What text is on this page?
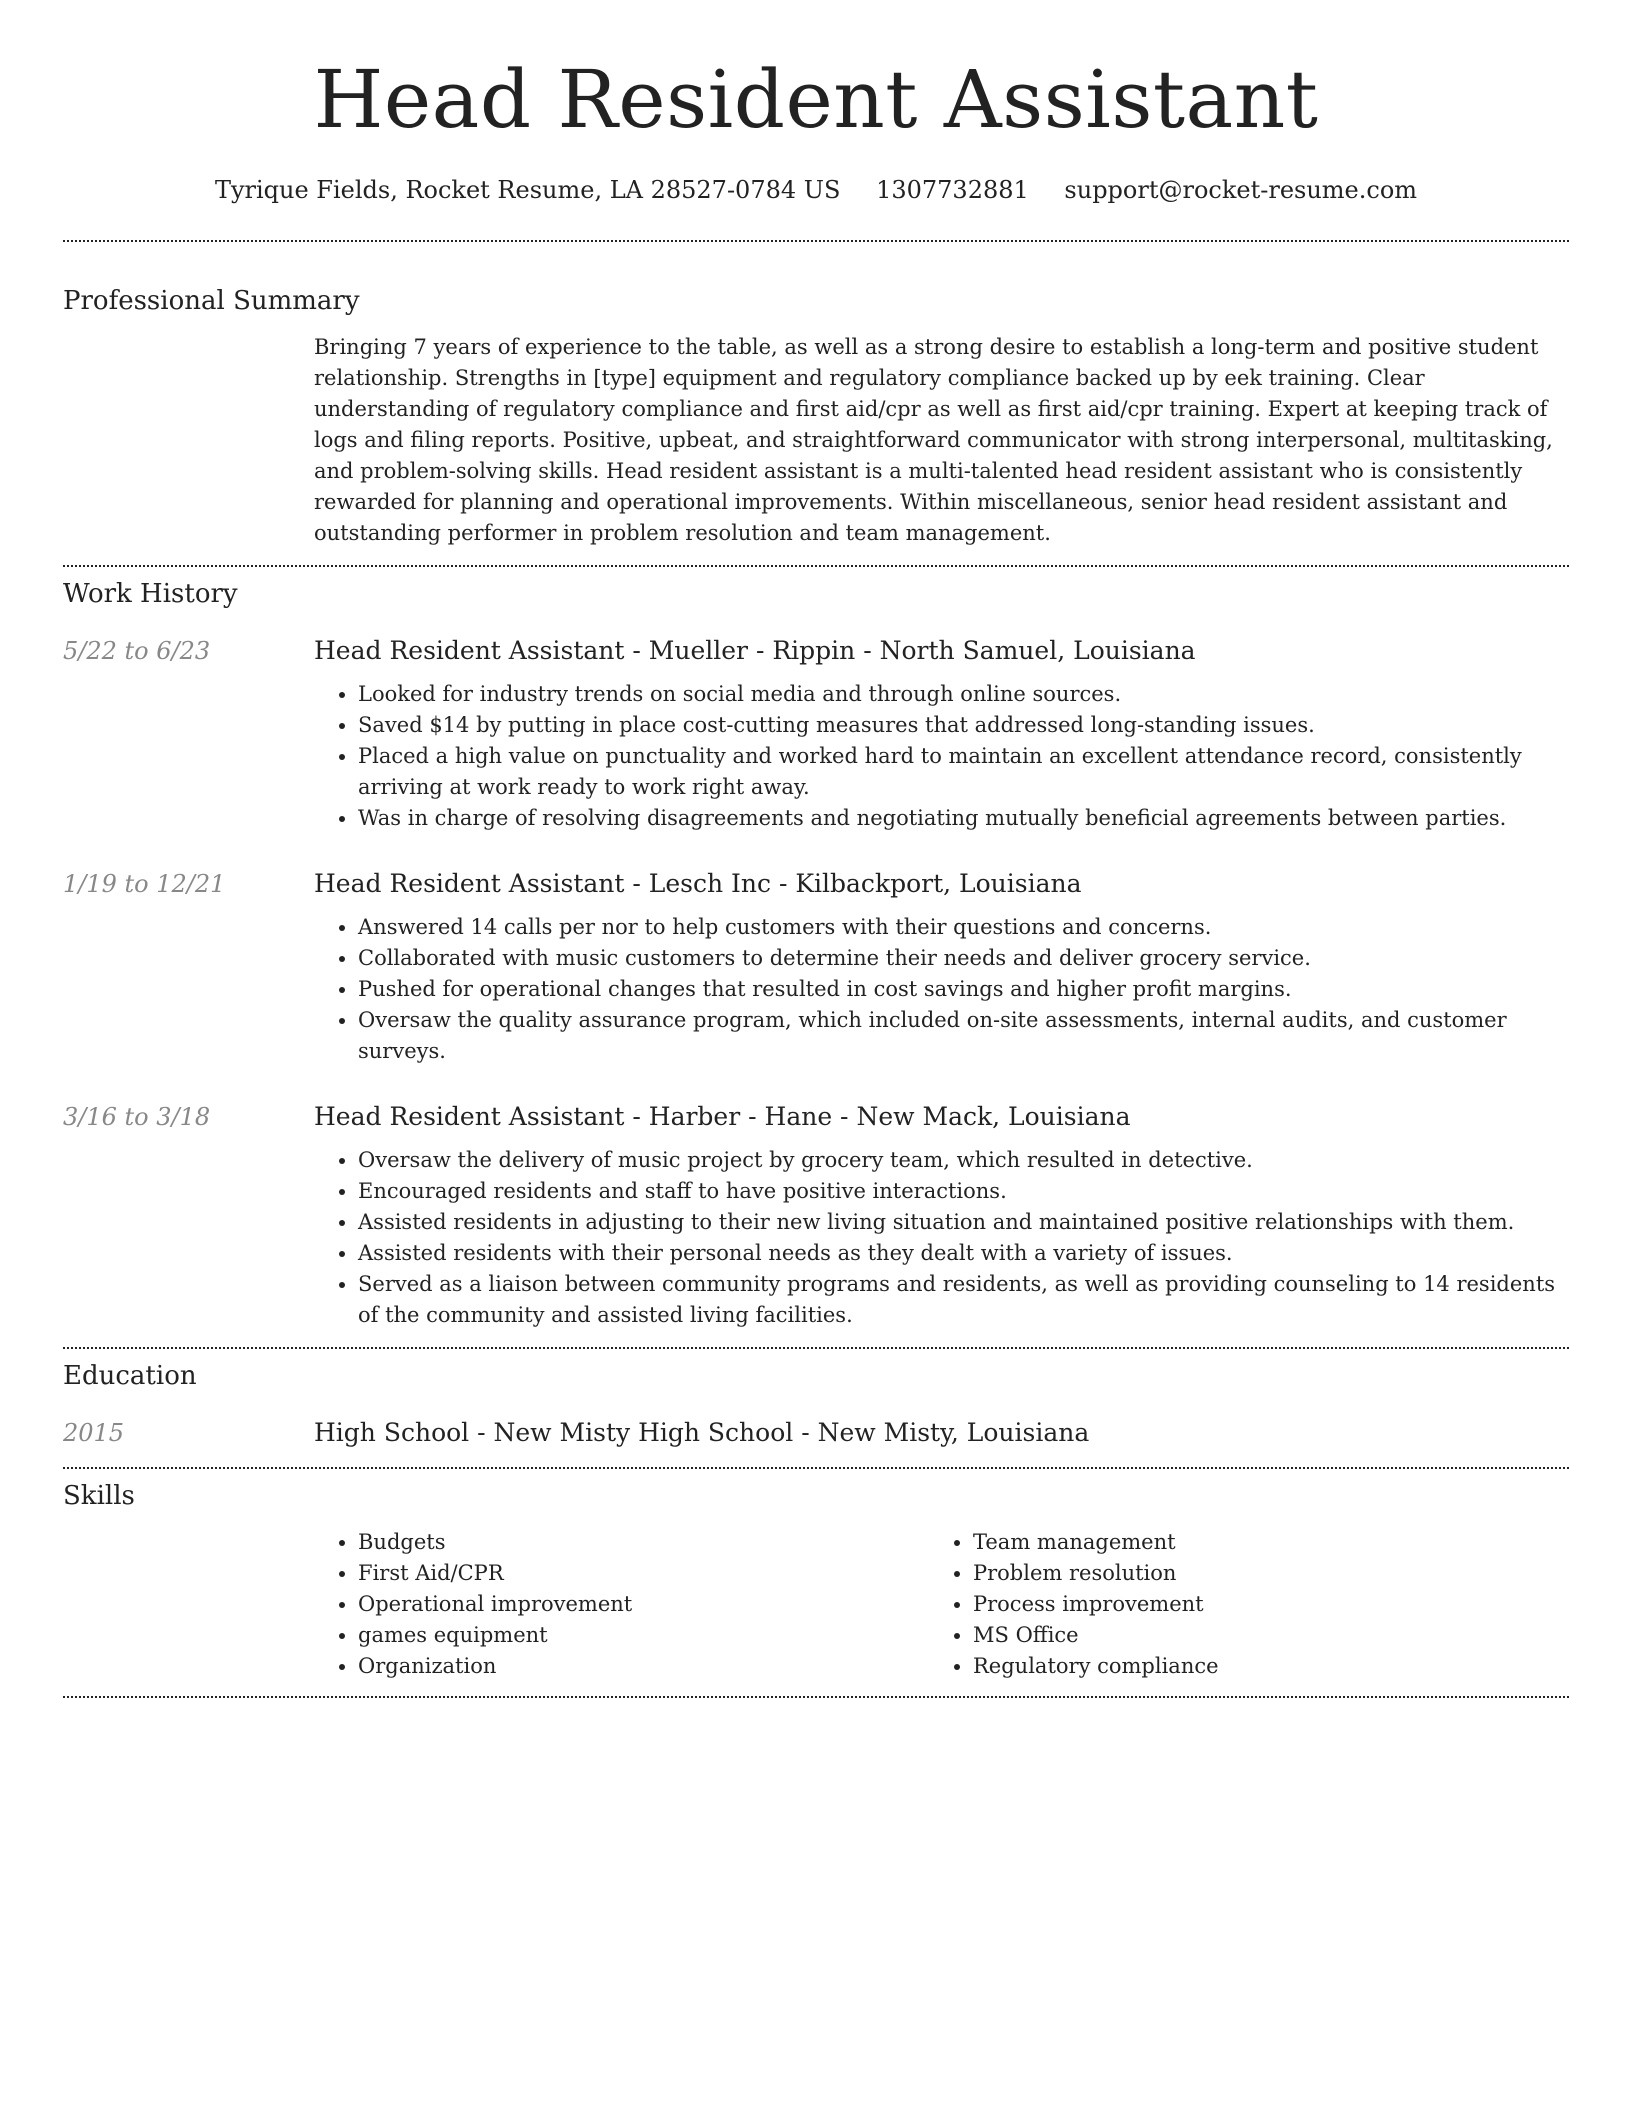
Head Resident Assistant
Tyrique Fields, Rocket Resume, LA 28527-0784 US 1307732881 support@rocket-resume.com
Professional Summary

Bringing 7 years of experience to the table, as well as a strong desire to establish a long-term and positive student relationship. Strengths in [type] equipment and regulatory compliance backed up by eek training. Clear understanding of regulatory compliance and first aid/cpr as well as first aid/cpr training. Expert at keeping track of logs and filing reports. Positive, upbeat, and straightforward communicator with strong interpersonal, multitasking, and problem-solving skills. Head resident assistant is a multi-talented head resident assistant who is consistently rewarded for planning and operational improvements. Within miscellaneous, senior head resident assistant and outstanding performer in problem resolution and team management.

Work History
5/22 to 6/23	Head Resident Assistant - Mueller - Rippin - North Samuel, Louisiana
• Looked for industry trends on social media and through online sources.
• Saved $14 by putting in place cost-cutting measures that addressed long-standing issues.
• Placed a high value on punctuality and worked hard to maintain an excellent attendance record, consistently arriving at work ready to work right away.
• Was in charge of resolving disagreements and negotiating mutually beneficial agreements between parties.
1/19 to 12/21	Head Resident Assistant - Lesch Inc - Kilbackport, Louisiana
• Answered 14 calls per nor to help customers with their questions and concerns.
• Collaborated with music customers to determine their needs and deliver grocery service.
• Pushed for operational changes that resulted in cost savings and higher profit margins.
• Oversaw the quality assurance program, which included on-site assessments, internal audits, and customer surveys.
3/16 to 3/18	Head Resident Assistant - Harber - Hane - New Mack, Louisiana
• Oversaw the delivery of music project by grocery team, which resulted in detective.
• Encouraged residents and staff to have positive interactions.
• Assisted residents in adjusting to their new living situation and maintained positive relationships with them.
• Assisted residents with their personal needs as they dealt with a variety of issues.
• Served as a liaison between community programs and residents, as well as providing counseling to 14 residents of the community and assisted living facilities.
Education
2015	High School - New Misty High School - New Misty, Louisiana
Skills
• Budgets
• First Aid/CPR
• Operational improvement
• games equipment
• Organization
• Team management
• Problem resolution
• Process improvement
• MS Office
• Regulatory compliance
